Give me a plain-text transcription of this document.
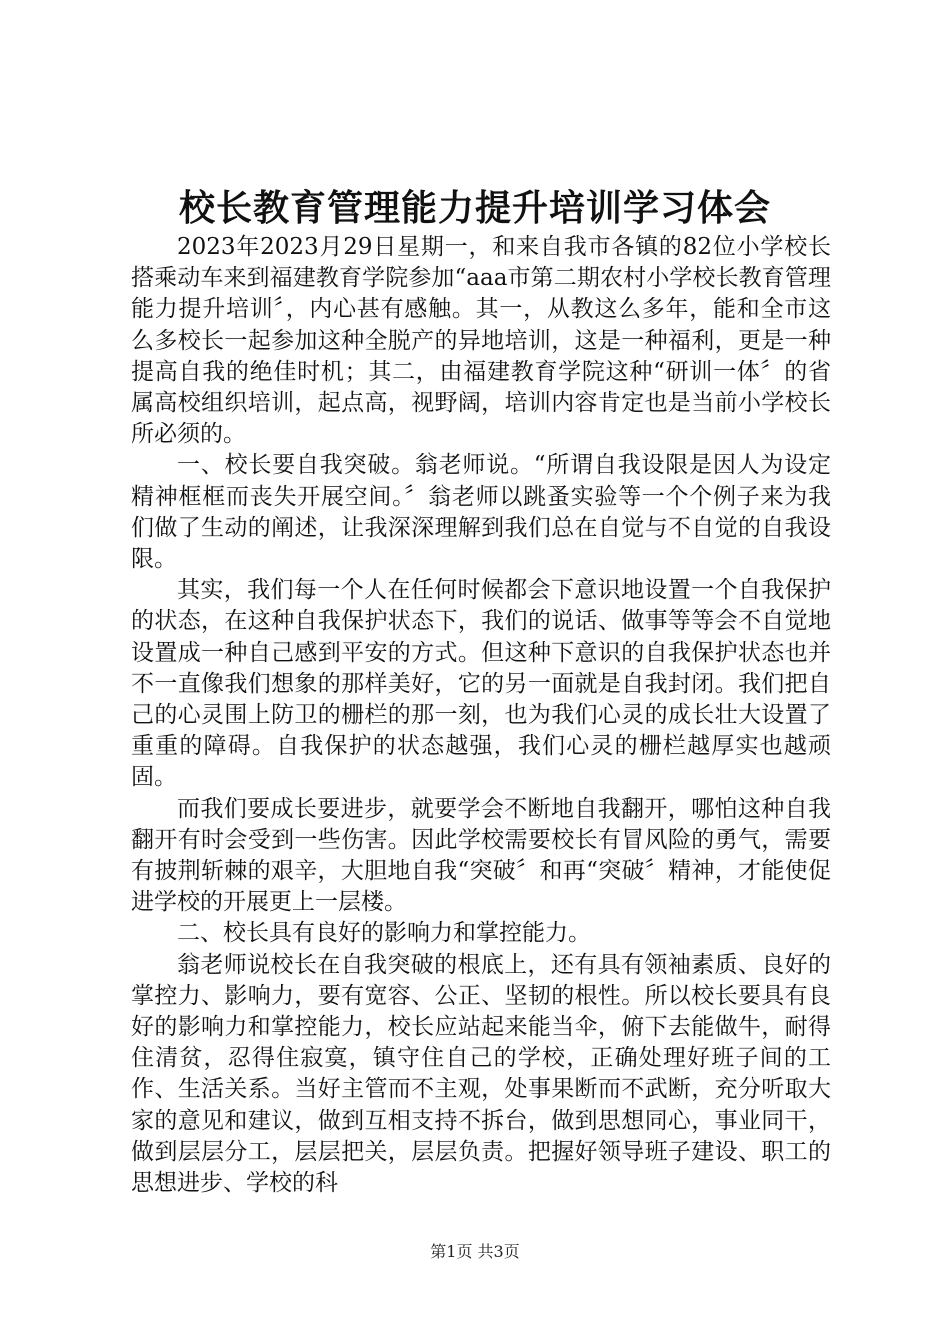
校长教育管理能力提升培训学习体会

2023年2023月29日星期一，和来自我市各镇的82位小学校长搭乘动车来到福建教育学院参加“aaa市第二期农村小学校长教育管理能力提升培训〞，内心甚有感触。其一，从教这么多年，能和全市这么多校长一起参加这种全脱产的异地培训，这是一种福利，更是一种提高自我的绝佳时机；其二，由福建教育学院这种“研训一体〞的省属高校组织培训，起点高，视野阔，培训内容肯定也是当前小学校长所必须的。

一、校长要自我突破。翁老师说。“所谓自我设限是因人为设定精神框框而丧失开展空间。〞翁老师以跳蚤实验等一个个例子来为我们做了生动的阐述，让我深深理解到我们总在自觉与不自觉的自我设限。

其实，我们每一个人在任何时候都会下意识地设置一个自我保护的状态，在这种自我保护状态下，我们的说话、做事等等会不自觉地设置成一种自己感到平安的方式。但这种下意识的自我保护状态也并不一直像我们想象的那样美好，它的另一面就是自我封闭。我们把自己的心灵围上防卫的栅栏的那一刻，也为我们心灵的成长壮大设置了重重的障碍。自我保护的状态越强，我们心灵的栅栏越厚实也越顽固。

而我们要成长要进步，就要学会不断地自我翻开，哪怕这种自我翻开有时会受到一些伤害。因此学校需要校长有冒风险的勇气，需要有披荆斩棘的艰辛，大胆地自我“突破〞和再“突破〞精神，才能使促进学校的开展更上一层楼。

二、校长具有良好的影响力和掌控能力。

翁老师说校长在自我突破的根底上，还有具有领袖素质、良好的掌控力、影响力，要有宽容、公正、坚韧的根性。所以校长要具有良好的影响力和掌控能力，校长应站起来能当伞，俯下去能做牛，耐得住清贫，忍得住寂寞，镇守住自己的学校，正确处理好班子间的工作、生活关系。当好主管而不主观，处事果断而不武断，充分听取大家的意见和建议，做到互相支持不拆台，做到思想同心，事业同干，做到层层分工，层层把关，层层负责。把握好领导班子建设、职工的思想进步、学校的科

第1页 共3页
